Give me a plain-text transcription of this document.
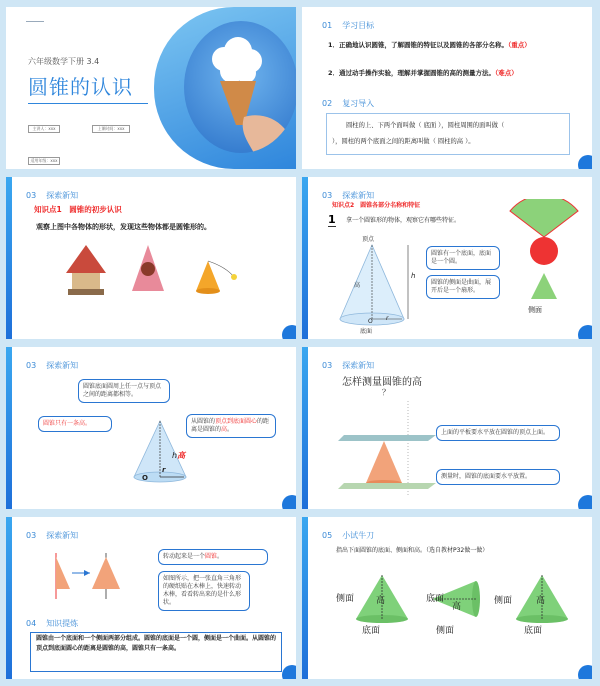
六年级数学下册 3.4
圆锥的认识
主讲人：xxx	上课时间：xxx
适用年级：xxx
01 学习目标
1．正确地认识圆锥，了解圆锥的特征以及圆锥的各部分名称。（重点）
2．通过动手操作实验，理解并掌握圆锥的高的测量方法。（难点）
02 复习导入
圆柱的上、下两个面叫做（ 底面 ），圆柱周围的面叫做（
），圆柱的两个底面之间的距离叫做（ 圆柱的高 ）。
03 探索新知
知识点1　圆锥的初步认识
观察上图中各物体的形状，发现这些物体都是圆锥形的。
03 探索新知
知识点2　圆锥各部分名称和特征
1 拿一个圆锥形的物体，观察它有哪些特征。
顶点
h
高
O r
底面
圆锥有一个底面，底面是一个圆。
圆锥的侧面是曲面，展开后是一个扇形。
侧面
03 探索新知
圆锥底面圆周上任一点与顶点之间的距离都相等。
圆锥只有一条高。	从圆锥的顶点到底面圆心的距离是圆锥的高。
h高
O
r
03 探索新知
怎样测量圆锥的高
？
上面的平板要水平放在圆锥的顶点上面。
测量时，圆锥的底面要水平放置。
03 探索新知
转动起来是一个圆锥。
如图所示，把一张直角三角形的硬纸贴在木棒上，快速转动木棒，看看转出来的是什么形状。
04 知识提炼
圆锥由一个底面和一个侧面两部分组成。圆锥的底面是一个圆，侧面是一个曲面。从圆锥的顶点到底面圆心的距离是圆锥的高，圆锥只有一条高。
05 小试牛刀
指出下面圆锥的底面、侧面和高。（选自教材P32做一做）
侧面 高
底面
底面
高
侧面
侧面	高
底面
